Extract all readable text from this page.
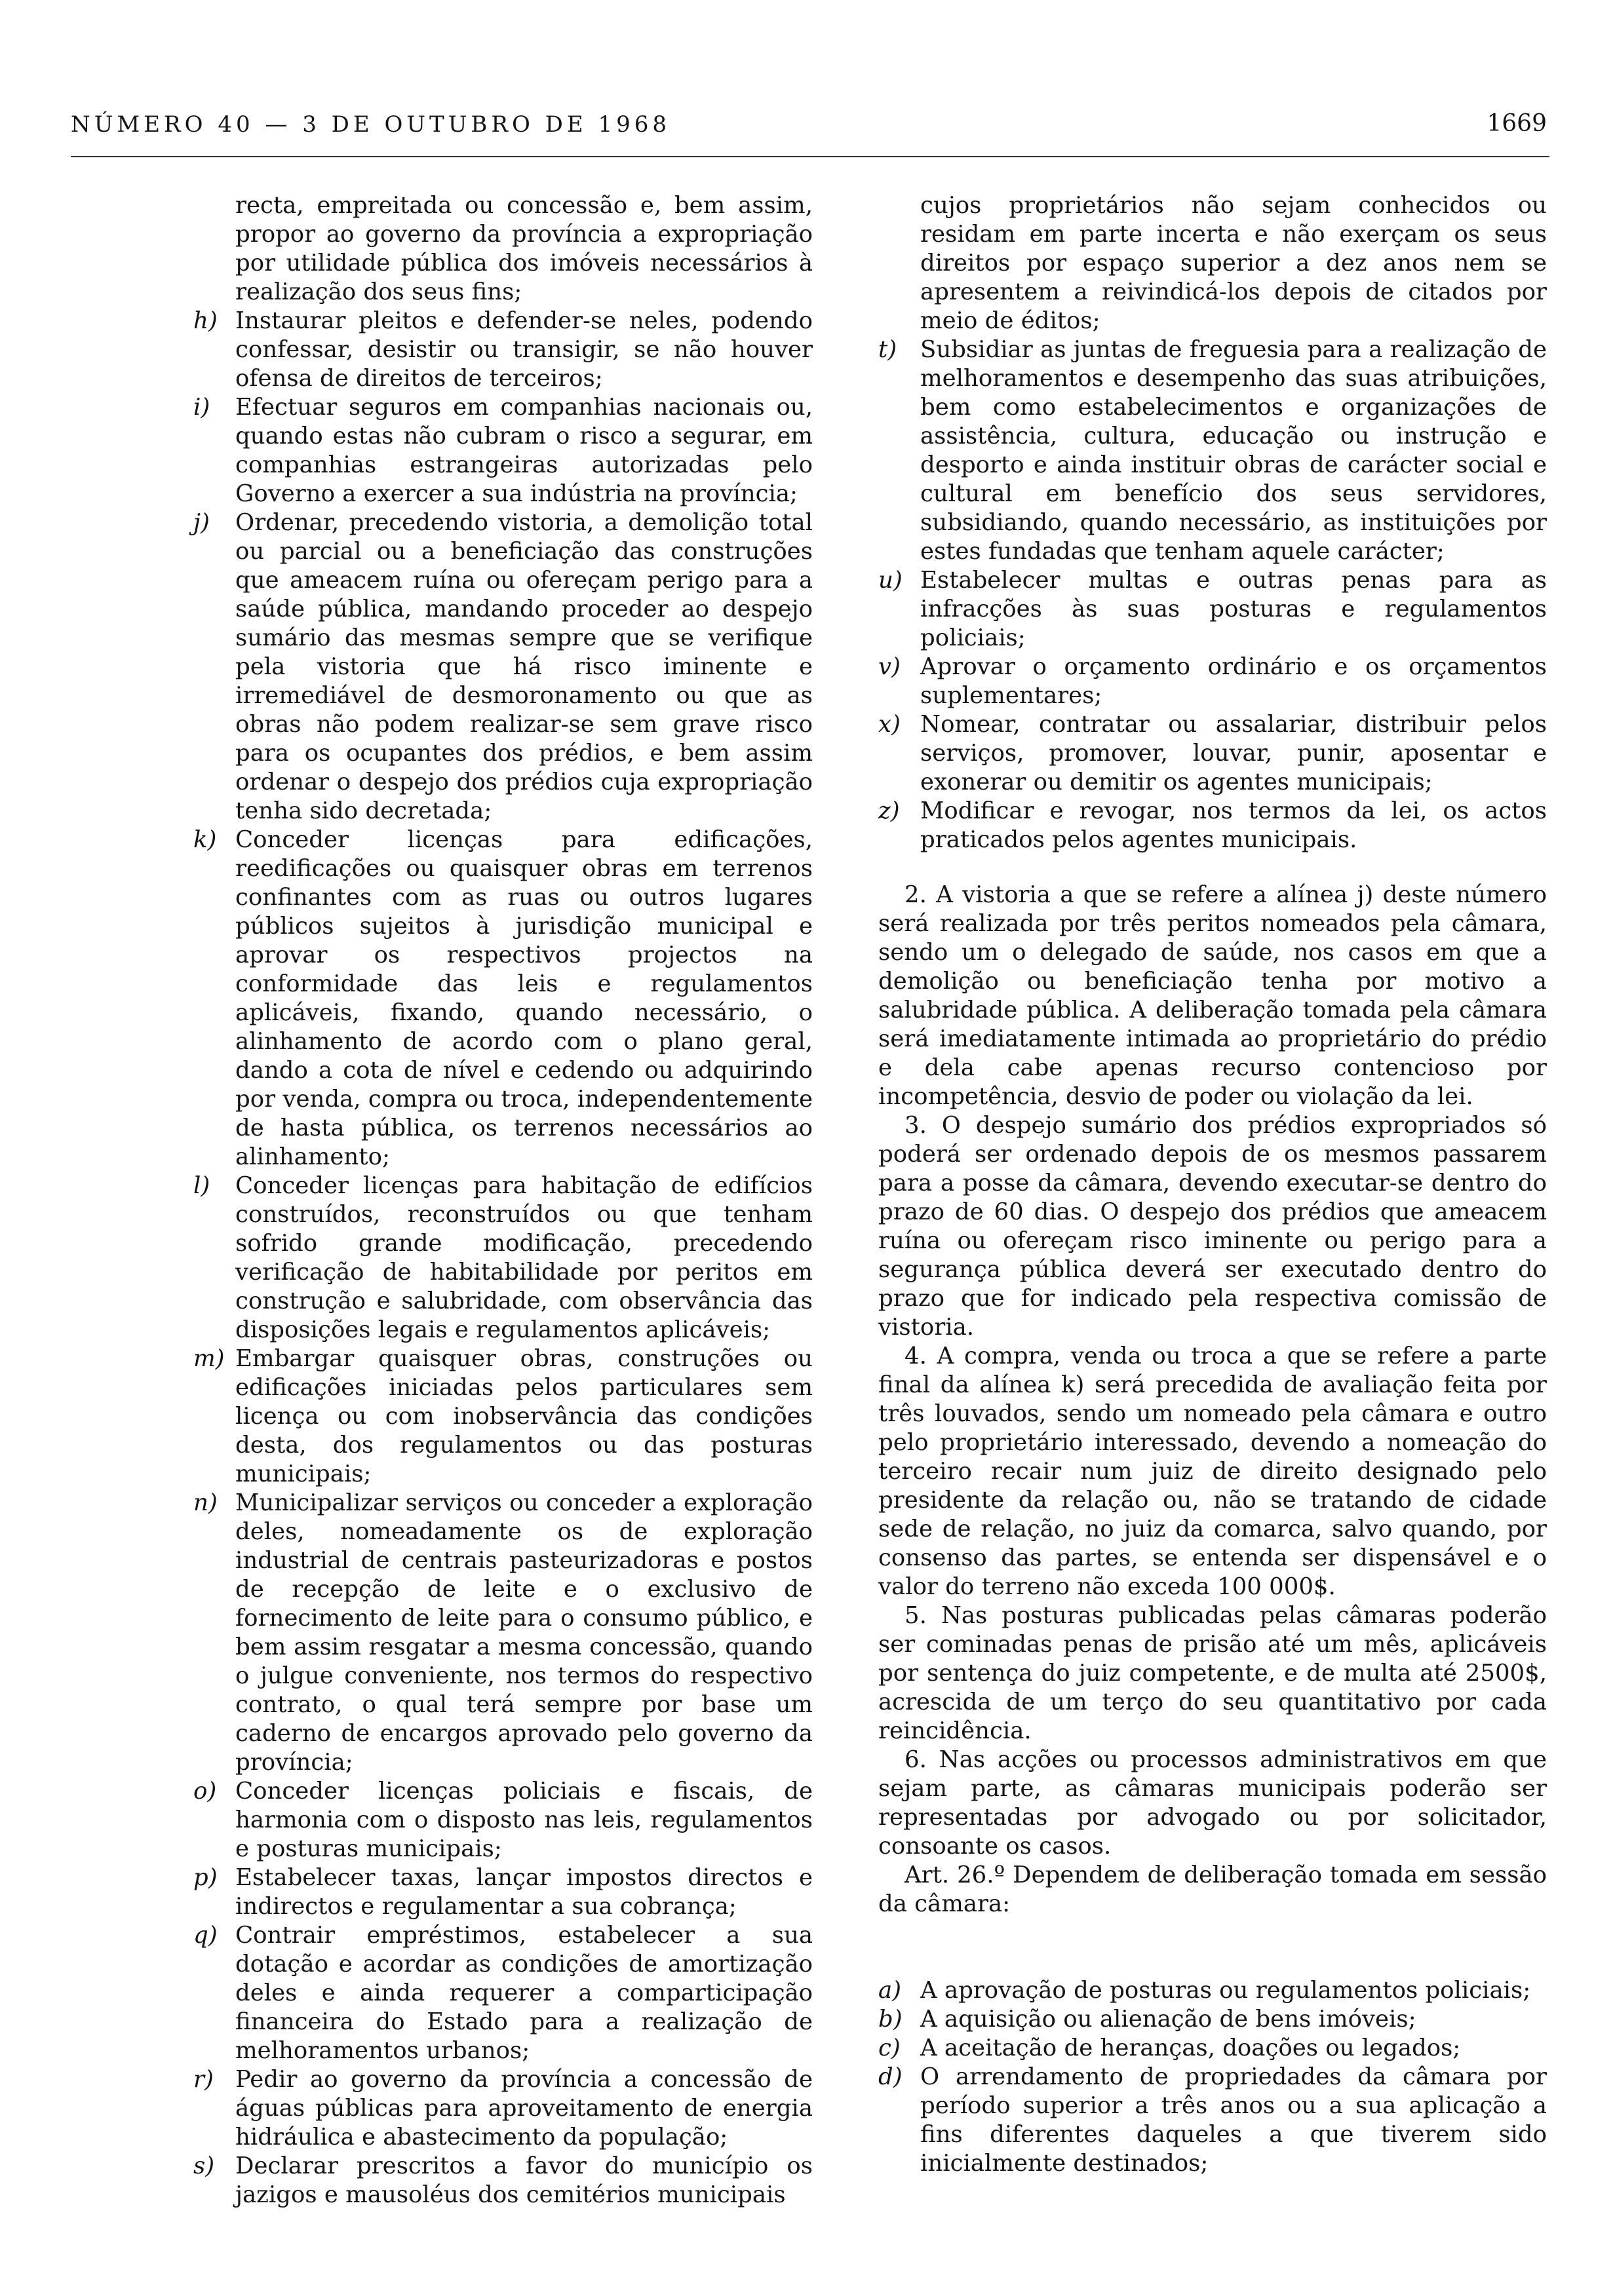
NÚMERO 40 — 3 DE OUTUBRO DE 1968	1669

recta, empreitada ou concessão e, bem assim, propor ao governo da província a expropriação por utilidade pública dos imóveis necessários à realização dos seus fins;

h) Instaurar pleitos e defender-se neles, podendo confessar, desistir ou transigir, se não houver ofensa de direitos de terceiros;

i) Efectuar seguros em companhias nacionais ou, quando estas não cubram o risco a segurar, em companhias estrangeiras autorizadas pelo Governo a exercer a sua indústria na província;

j) Ordenar, precedendo vistoria, a demolição total ou parcial ou a beneficiação das construções que ameacem ruína ou ofereçam perigo para a saúde pública, mandando proceder ao despejo sumário das mesmas sempre que se verifique pela vistoria que há risco iminente e irremediável de desmoronamento ou que as obras não podem realizar-se sem grave risco para os ocupantes dos prédios, e bem assim ordenar o despejo dos prédios cuja expropriação tenha sido decretada;

k) Conceder licenças para edificações, reedificações ou quaisquer obras em terrenos confinantes com as ruas ou outros lugares públicos sujeitos à jurisdição municipal e aprovar os respectivos projectos na conformidade das leis e regulamentos aplicáveis, fixando, quando necessário, o alinhamento de acordo com o plano geral, dando a cota de nível e cedendo ou adquirindo por venda, compra ou troca, independentemente de hasta pública, os terrenos necessários ao alinhamento;

l) Conceder licenças para habitação de edifícios construídos, reconstruídos ou que tenham sofrido grande modificação, precedendo verificação de habitabilidade por peritos em construção e salubridade, com observância das disposições legais e regulamentos aplicáveis;

m) Embargar quaisquer obras, construções ou edificações iniciadas pelos particulares sem licença ou com inobservância das condições desta, dos regulamentos ou das posturas municipais;

n) Municipalizar serviços ou conceder a exploração deles, nomeadamente os de exploração industrial de centrais pasteurizadoras e postos de recepção de leite e o exclusivo de fornecimento de leite para o consumo público, e bem assim resgatar a mesma concessão, quando o julgue conveniente, nos termos do respectivo contrato, o qual terá sempre por base um caderno de encargos aprovado pelo governo da província;

o) Conceder licenças policiais e fiscais, de harmonia com o disposto nas leis, regulamentos e posturas municipais;

p) Estabelecer taxas, lançar impostos directos e indirectos e regulamentar a sua cobrança;

q) Contrair empréstimos, estabelecer a sua dotação e acordar as condições de amortização deles e ainda requerer a comparticipação financeira do Estado para a realização de melhoramentos urbanos;

r) Pedir ao governo da província a concessão de águas públicas para aproveitamento de energia hidráulica e abastecimento da população;

s) Declarar prescritos a favor do município os jazigos e mausoléus dos cemitérios municipais

cujos proprietários não sejam conhecidos ou residam em parte incerta e não exerçam os seus direitos por espaço superior a dez anos nem se apresentem a reivindicá-los depois de citados por meio de éditos;

t) Subsidiar as juntas de freguesia para a realização de melhoramentos e desempenho das suas atribuições, bem como estabelecimentos e organizações de assistência, cultura, educação ou instrução e desporto e ainda instituir obras de carácter social e cultural em benefício dos seus servidores, subsidiando, quando necessário, as instituições por estes fundadas que tenham aquele carácter;

u) Estabelecer multas e outras penas para as infracções às suas posturas e regulamentos policiais;

v) Aprovar o orçamento ordinário e os orçamentos suplementares;

x) Nomear, contratar ou assalariar, distribuir pelos serviços, promover, louvar, punir, aposentar e exonerar ou demitir os agentes municipais;

z) Modificar e revogar, nos termos da lei, os actos praticados pelos agentes municipais.

2. A vistoria a que se refere a alínea j) deste número será realizada por três peritos nomeados pela câmara, sendo um o delegado de saúde, nos casos em que a demolição ou beneficiação tenha por motivo a salubridade pública. A deliberação tomada pela câmara será imediatamente intimada ao proprietário do prédio e dela cabe apenas recurso contencioso por incompetência, desvio de poder ou violação da lei.

3. O despejo sumário dos prédios expropriados só poderá ser ordenado depois de os mesmos passarem para a posse da câmara, devendo executar-se dentro do prazo de 60 dias. O despejo dos prédios que ameacem ruína ou ofereçam risco iminente ou perigo para a segurança pública deverá ser executado dentro do prazo que for indicado pela respectiva comissão de vistoria.

4. A compra, venda ou troca a que se refere a parte final da alínea k) será precedida de avaliação feita por três louvados, sendo um nomeado pela câmara e outro pelo proprietário interessado, devendo a nomeação do terceiro recair num juiz de direito designado pelo presidente da relação ou, não se tratando de cidade sede de relação, no juiz da comarca, salvo quando, por consenso das partes, se entenda ser dispensável e o valor do terreno não exceda 100 000$.

5. Nas posturas publicadas pelas câmaras poderão ser cominadas penas de prisão até um mês, aplicáveis por sentença do juiz competente, e de multa até 2500$, acrescida de um terço do seu quantitativo por cada reincidência.

6. Nas acções ou processos administrativos em que sejam parte, as câmaras municipais poderão ser representadas por advogado ou por solicitador, consoante os casos.

Art. 26.º Dependem de deliberação tomada em sessão da câmara:

a) A aprovação de posturas ou regulamentos policiais;

b) A aquisição ou alienação de bens imóveis;

c) A aceitação de heranças, doações ou legados;

d) O arrendamento de propriedades da câmara por período superior a três anos ou a sua aplicação a fins diferentes daqueles a que tiverem sido inicialmente destinados;
